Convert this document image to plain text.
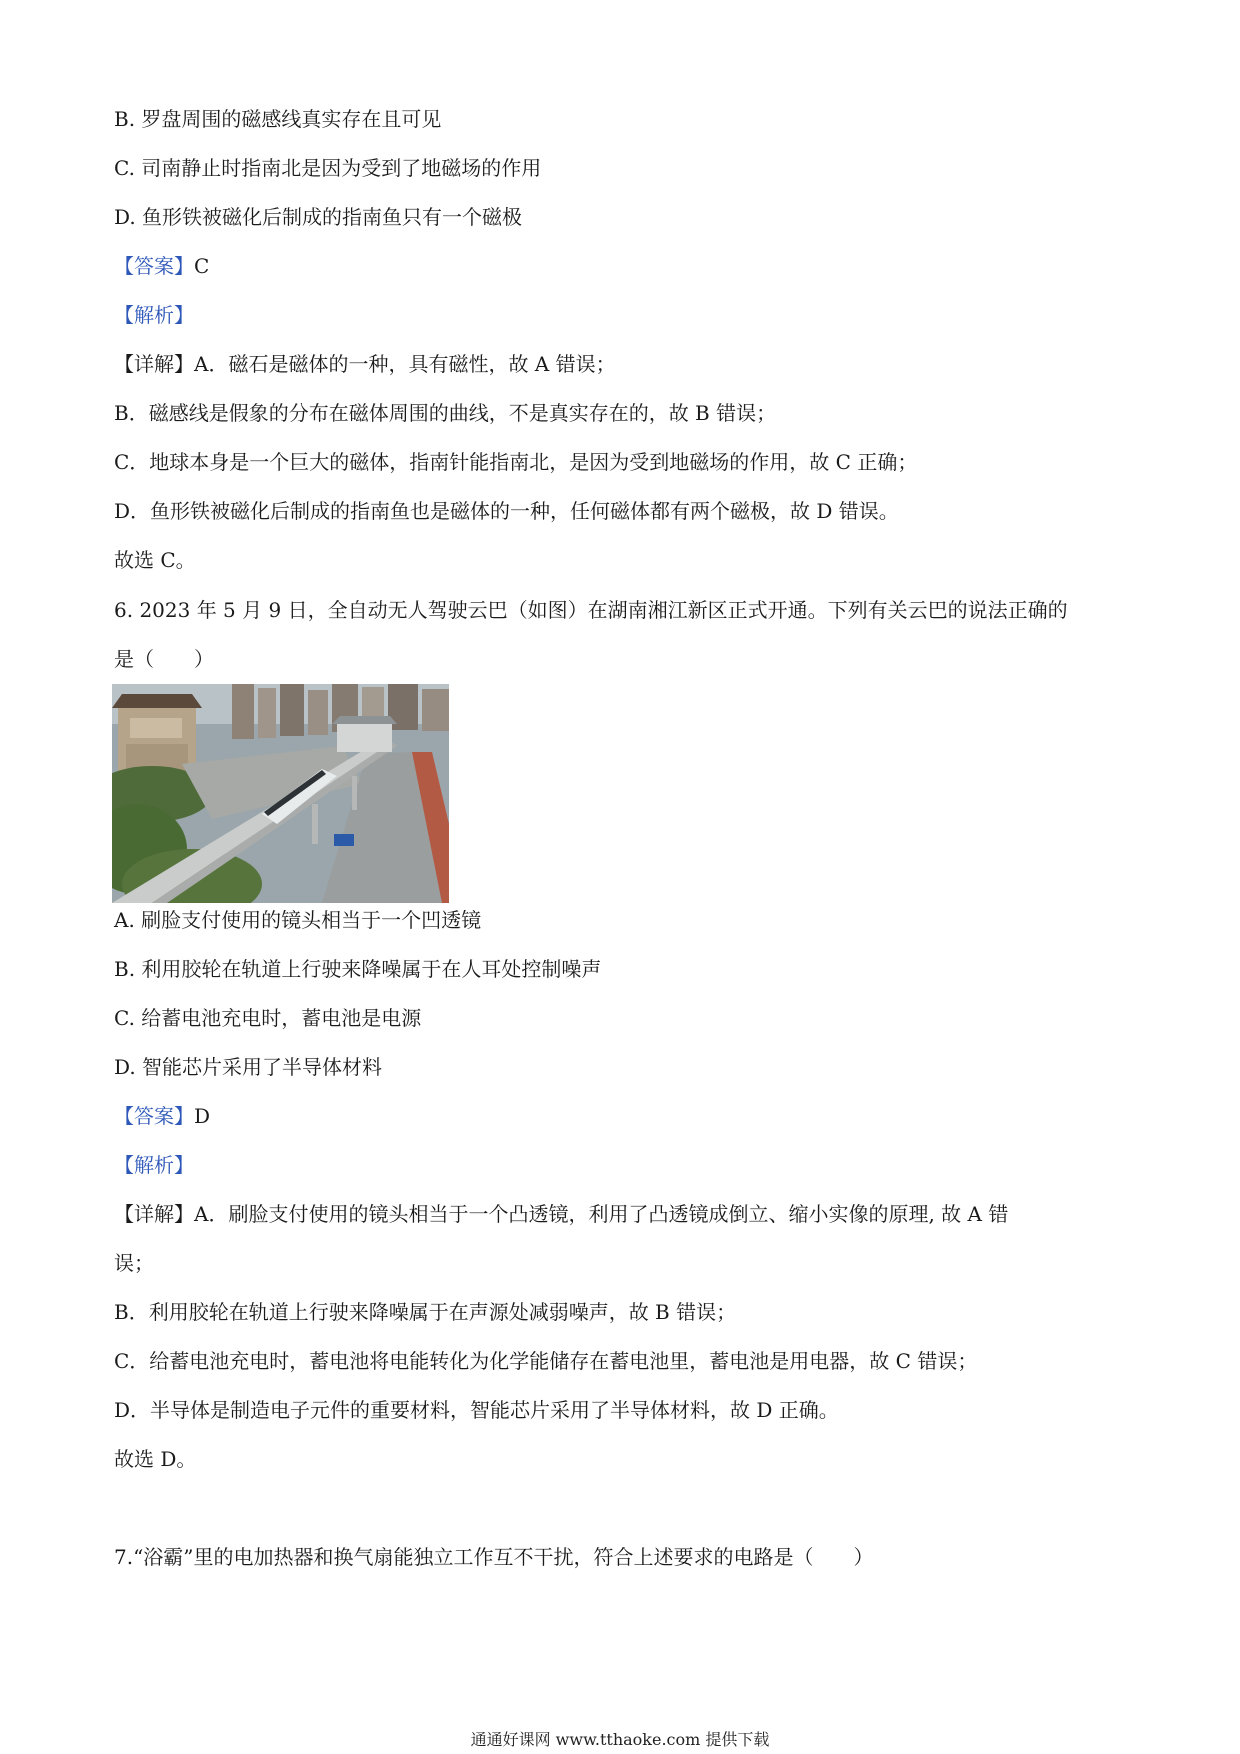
B. 罗盘周围的磁感线真实存在且可见
C. 司南静止时指南北是因为受到了地磁场的作用
D. 鱼形铁被磁化后制成的指南鱼只有一个磁极
【答案】C
【解析】
【详解】A．磁石是磁体的一种，具有磁性，故 A 错误；
B．磁感线是假象的分布在磁体周围的曲线，不是真实存在的，故 B 错误；
C．地球本身是一个巨大的磁体，指南针能指南北，是因为受到地磁场的作用，故 C 正确；
D．鱼形铁被磁化后制成的指南鱼也是磁体的一种，任何磁体都有两个磁极，故 D 错误。
故选 C。
6. 2023 年 5 月 9 日，全自动无人驾驶云巴（如图）在湖南湘江新区正式开通。下列有关云巴的说法正确的
是（　　）
A. 刷脸支付使用的镜头相当于一个凹透镜
B. 利用胶轮在轨道上行驶来降噪属于在人耳处控制噪声
C. 给蓄电池充电时，蓄电池是电源
D. 智能芯片采用了半导体材料
【答案】D
【解析】
【详解】A．刷脸支付使用的镜头相当于一个凸透镜，利用了凸透镜成倒立、缩小实像的原理, 故 A 错
误；
B．利用胶轮在轨道上行驶来降噪属于在声源处减弱噪声，故 B 错误；
C．给蓄电池充电时，蓄电池将电能转化为化学能储存在蓄电池里，蓄电池是用电器，故 C 错误；
D．半导体是制造电子元件的重要材料，智能芯片采用了半导体材料，故 D 正确。
故选 D。
7.“浴霸”里的电加热器和换气扇能独立工作互不干扰，符合上述要求的电路是（　　）
通通好课网 www.tthaoke.com 提供下载
